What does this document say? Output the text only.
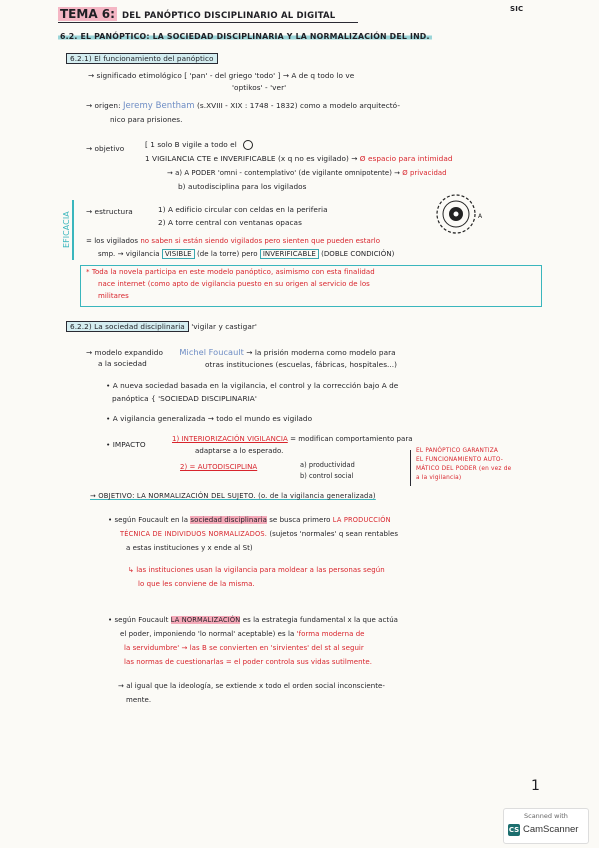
TEMA 6: DEL PANÓPTICO DISCIPLINARIO AL DIGITAL
SIC
6.2. EL PANÓPTICO: LA SOCIEDAD DISCIPLINARIA Y LA NORMALIZACIÓN DEL IND.
6.2.1) El funcionamiento del panóptico
→ significado etimológico [ 'pan' - del griego 'todo' ] → A de q todo lo ve
'optikos' - 'ver'
→ origen: Jeremy Bentham (s.XVIII - XIX : 1748 - 1832) como a modelo arquitectó-
nico para prisiones.
→ objetivo	[ 1 solo B vigile a todo el
1 VIGILANCIA CTE e INVERIFICABLE (x q no es vigilado) → Ø espacio para intimidad
→ a) A PODER 'omni - contemplativo' (de vigilante omnipotente) → Ø privacidad
b) autodisciplina para los vigilados
→ estructura	1) A edificio circular con celdas en la periferia
2) A torre central con ventanas opacas
A
EFICACIA = los vigilados no saben si están siendo vigilados pero sienten que pueden estarlo
smp. → vigilancia VISIBLE (de la torre) pero INVERIFICABLE (DOBLE CONDICIÓN)
* Toda la novela participa en este modelo panóptico, asimismo con esta finalidad
nace internet (como apto de vigilancia puesto en su origen al servicio de los
militares
6.2.2) La sociedad disciplinaria 'vigilar y castigar'
→ modelo expandido Michel Foucault → la prisión moderna como modelo para
a la sociedad	otras instituciones (escuelas, fábricas, hospitales...)
• A nueva sociedad basada en la vigilancia, el control y la corrección bajo A de
panóptica { 'SOCIEDAD DISCIPLINARIA'
• A vigilancia generalizada → todo el mundo es vigilado
• IMPACTO
1) INTERIORIZACIÓN VIGILANCIA = modifican comportamiento para
adaptarse a lo esperado.
2) = AUTODISCIPLINA	a) productividad
b) control social
EL PANÓPTICO GARANTIZA
EL FUNCIONAMIENTO AUTO-
MÁTICO DEL PODER (en vez de
a la vigilancia)
→ OBJETIVO: LA NORMALIZACIÓN DEL SUJETO. (o. de la vigilancia generalizada)
• según Foucault en la sociedad disciplinaria se busca primero LA PRODUCCIÓN
TÉCNICA DE INDIVIDUOS NORMALIZADOS. (sujetos 'normales' q sean rentables
a estas instituciones y x ende al St)
↳ las instituciones usan la vigilancia para moldear a las personas según
lo que les conviene de la misma.
• según Foucault LA NORMALIZACIÓN es la estrategia fundamental x la que actúa
el poder, imponiendo 'lo normal' aceptable) es la 'forma moderna de
la servidumbre' → las B se convierten en 'sirvientes' del st al seguir
las normas de cuestionarlas = el poder controla sus vidas sutilmente.
→ al igual que la ideología, se extiende x todo el orden social inconsciente-
mente.
1
Scanned with
CS CamScanner
